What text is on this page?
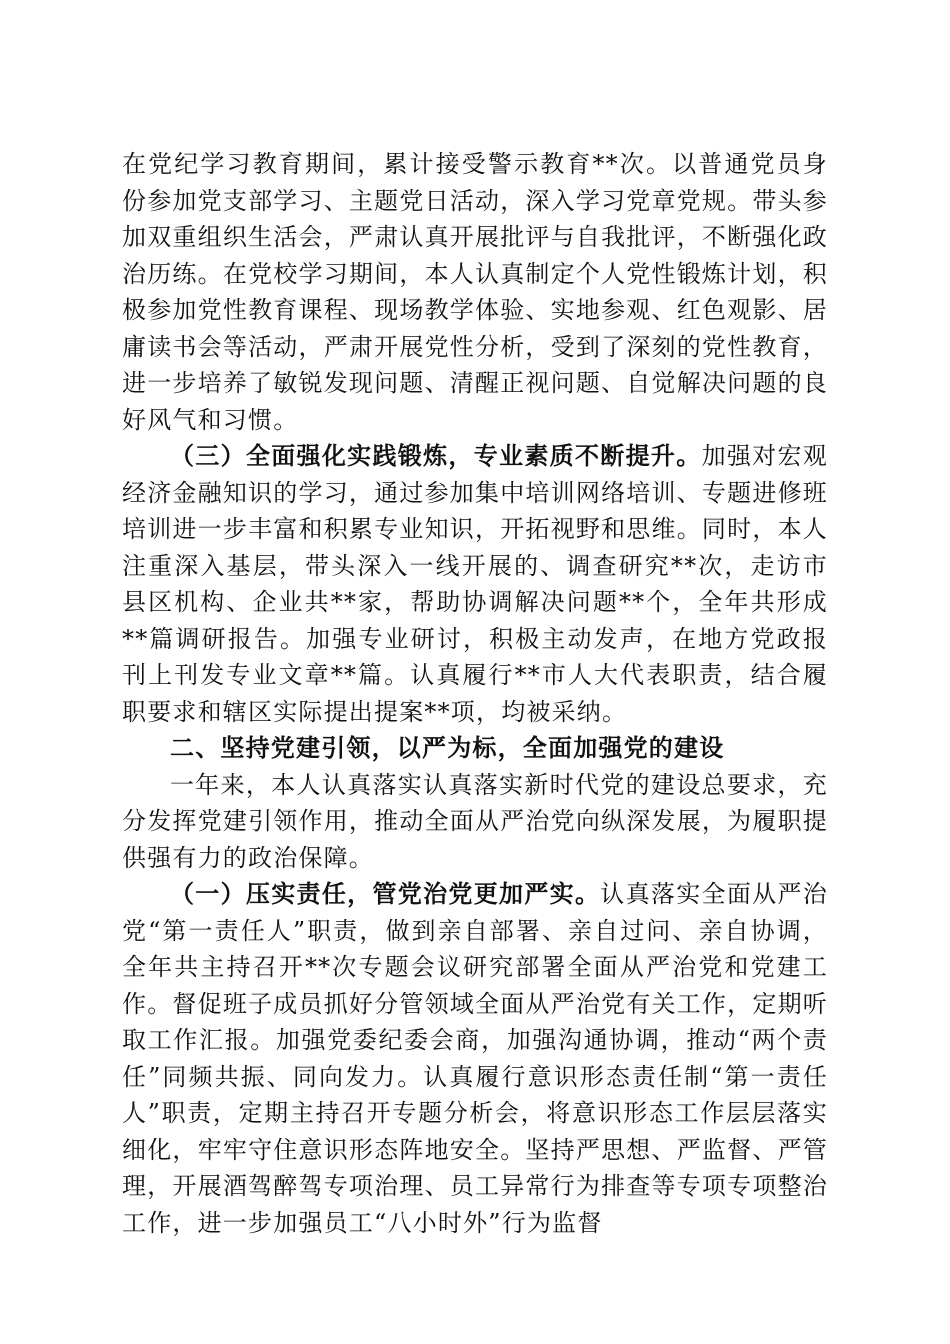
在党纪学习教育期间，累计接受警示教育**次。以普通党员身份参加党支部学习、主题党日活动，深入学习党章党规。带头参加双重组织生活会，严肃认真开展批评与自我批评，不断强化政治历练。在党校学习期间，本人认真制定个人党性锻炼计划，积极参加党性教育课程、现场教学体验、实地参观、红色观影、居庸读书会等活动，严肃开展党性分析，受到了深刻的党性教育，进一步培养了敏锐发现问题、清醒正视问题、自觉解决问题的良好风气和习惯。

（三）全面强化实践锻炼，专业素质不断提升。加强对宏观经济金融知识的学习，通过参加集中培训网络培训、专题进修班培训进一步丰富和积累专业知识，开拓视野和思维。同时，本人注重深入基层，带头深入一线开展的、调查研究**次，走访市县区机构、企业共**家，帮助协调解决问题**个，全年共形成**篇调研报告。加强专业研讨，积极主动发声，在地方党政报刊上刊发专业文章**篇。认真履行**市人大代表职责，结合履职要求和辖区实际提出提案**项，均被采纳。

二、坚持党建引领，以严为标，全面加强党的建设

一年来，本人认真落实认真落实新时代党的建设总要求，充分发挥党建引领作用，推动全面从严治党向纵深发展，为履职提供强有力的政治保障。

（一）压实责任，管党治党更加严实。认真落实全面从严治党“第一责任人”职责，做到亲自部署、亲自过问、亲自协调，全年共主持召开**次专题会议研究部署全面从严治党和党建工作。督促班子成员抓好分管领域全面从严治党有关工作，定期听取工作汇报。加强党委纪委会商，加强沟通协调，推动“两个责任”同频共振、同向发力。认真履行意识形态责任制“第一责任人”职责，定期主持召开专题分析会，将意识形态工作层层落实细化，牢牢守住意识形态阵地安全。坚持严思想、严监督、严管理，开展酒驾醉驾专项治理、员工异常行为排查等专项专项整治工作，进一步加强员工“八小时外”行为监督
